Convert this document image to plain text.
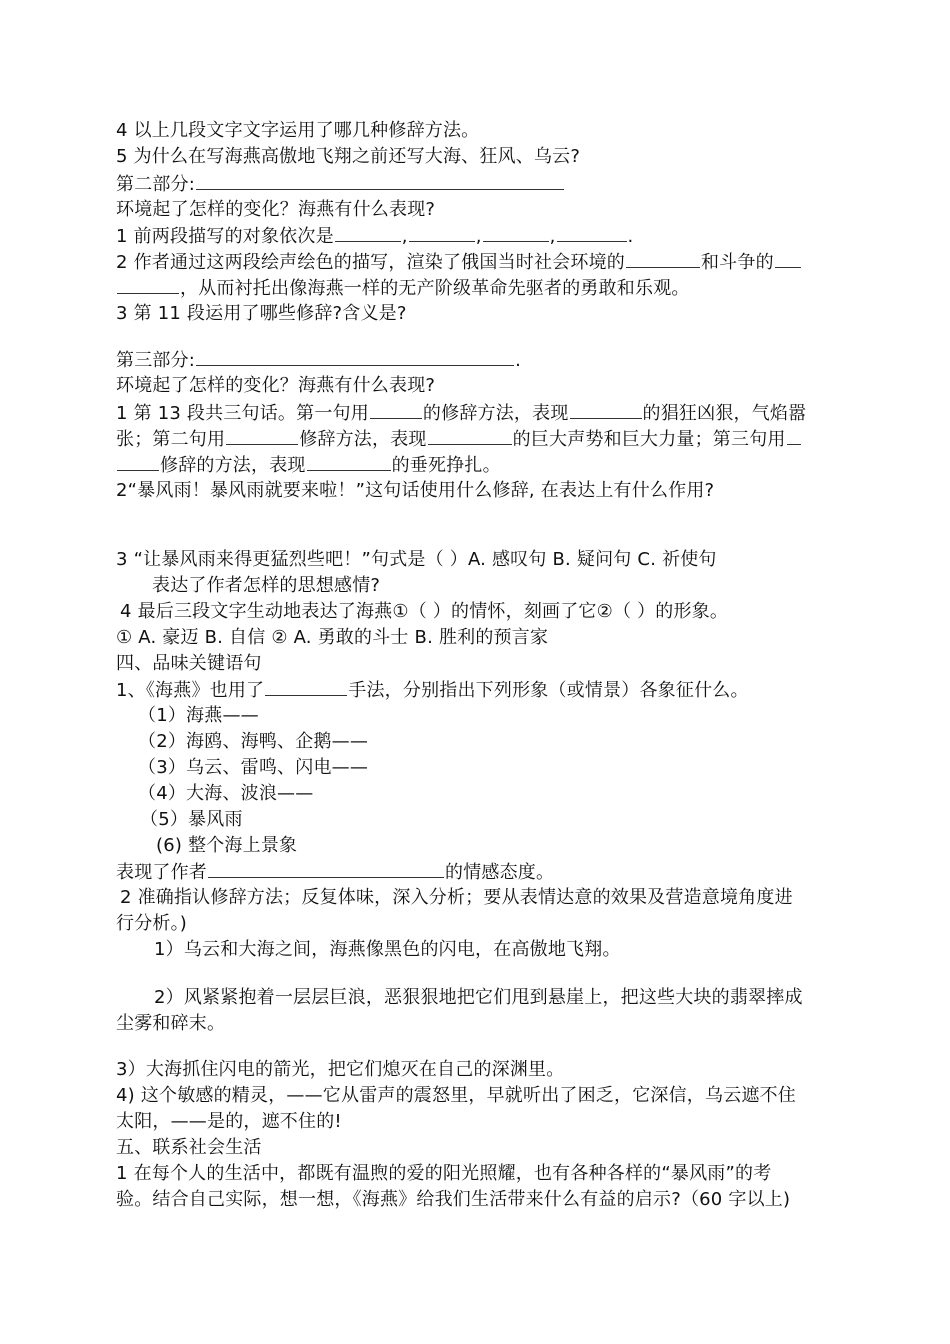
4 以上几段文字文字运用了哪几种修辞方法。
5 为什么在写海燕高傲地飞翔之前还写大海、狂风、乌云?
第二部分:
环境起了怎样的变化？海燕有什么表现?
1 前两段描写的对象依次是	,	,	,	.
2 作者通过这两段绘声绘色的描写，渲染了俄国当时社会环境的	和斗争的
，从而衬托出像海燕一样的无产阶级革命先驱者的勇敢和乐观。
3 第 11 段运用了哪些修辞?含义是?
第三部分:	.
环境起了怎样的变化？海燕有什么表现?
1 第 13 段共三句话。第一句用	的修辞方法，表现	的猖狂凶狠，气焰嚣
张；第二句用	修辞方法，表现	的巨大声势和巨大力量；第三句用
修辞的方法，表现	的垂死挣扎。
2“暴风雨！暴风雨就要来啦！”这句话使用什么修辞, 在表达上有什么作用?
3 “让暴风雨来得更猛烈些吧！”句式是（ ）A. 感叹句 B. 疑问句 C. 祈使句
表达了作者怎样的思想感情?
4 最后三段文字生动地表达了海燕①（ ）的情怀，刻画了它②（ ）的形象。
① A. 豪迈 B. 自信 ② A. 勇敢的斗士 B. 胜利的预言家
四、品味关键语句
1、《海燕》也用了	手法，分别指出下列形象（或情景）各象征什么。
（1）海燕——
（2）海鸥、海鸭、企鹅——
（3）乌云、雷鸣、闪电——
（4）大海、波浪——
（5）暴风雨
(6) 整个海上景象
表现了作者	的情感态度。
2 准确指认修辞方法；反复体味，深入分析；要从表情达意的效果及营造意境角度进
行分析。)
1）乌云和大海之间，海燕像黑色的闪电，在高傲地飞翔。
2）风紧紧抱着一层层巨浪，恶狠狠地把它们甩到悬崖上，把这些大块的翡翠摔成
尘雾和碎末。
3）大海抓住闪电的箭光，把它们熄灭在自己的深渊里。
4) 这个敏感的精灵，——它从雷声的震怒里，早就听出了困乏，它深信，乌云遮不住
太阳，——是的，遮不住的!
五、联系社会生活
1 在每个人的生活中，都既有温煦的爱的阳光照耀，也有各种各样的“暴风雨”的考
验。结合自己实际，想一想，《海燕》给我们生活带来什么有益的启示?（60 字以上)
